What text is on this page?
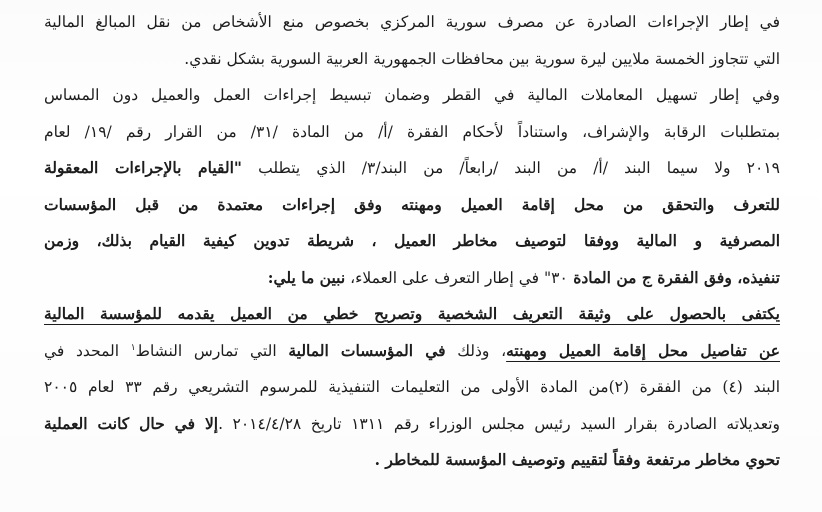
في إطار الإجراءات الصادرة عن مصرف سورية المركزي بخصوص منع الأشخاص من نقل المبالغ المالية
التي تتجاوز الخمسة ملايين ليرة سورية بين محافظات الجمهورية العربية السورية بشكل نقدي.
وفي إطار تسهيل المعاملات المالية في القطر وضمان تبسيط إجراءات العمل والعميل دون المساس
بمتطلبات الرقابة والإشراف، واستناداً لأحكام الفقرة /أ/ من المادة /٣١/ من القرار رقم /١٩/ لعام
٢٠١٩ ولا سيما البند /أ/ من البند /رابعاً/ من البند/٣/ الذي يتطلب "القيام بالإجراءات المعقولة
للتعرف والتحقق من محل إقامة العميل ومهنته وفق إجراءات معتمدة من قبل المؤسسات
المصرفية و المالية ووفقا لتوصيف مخاطر العميل ، شريطة تدوين كيفية القيام بذلك، وزمن
تنفيذه، وفق الفقرة ج من المادة ٣٠" في إطار التعرف على العملاء، نبين ما يلي:
يكتفى بالحصول على وثيقة التعريف الشخصية وتصريح خطي من العميل يقدمه للمؤسسة المالية
عن تفاصيل محل إقامة العميل ومهنته، وذلك في المؤسسات المالية التي تمارس النشاط$^١$ المحدد في
البند (٤) من الفقرة (٢)من المادة الأولى من التعليمات التنفيذية للمرسوم التشريعي رقم ٣٣ لعام ٢٠٠٥
وتعديلاته الصادرة بقرار السيد رئيس مجلس الوزراء رقم ١٣١١ تاريخ ٢٠١٤/٤/٢٨ .إلا في حال كانت العملية
تحوي مخاطر مرتفعة وفقاً لتقييم وتوصيف المؤسسة للمخاطر .
